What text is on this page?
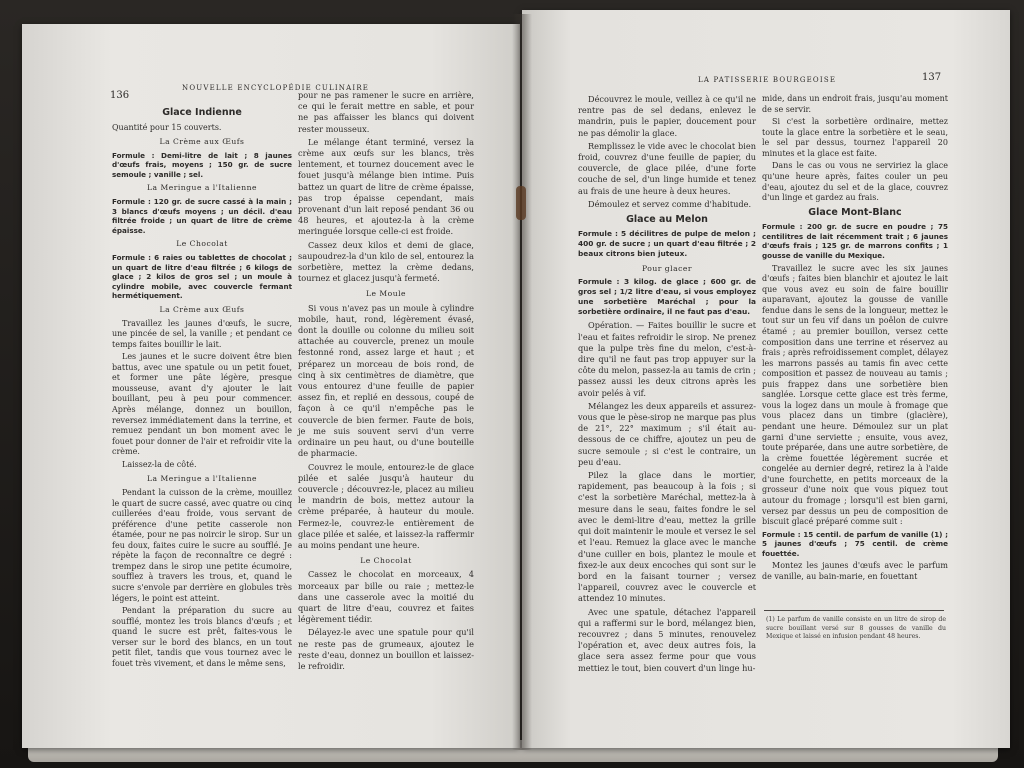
136
NOUVELLE ENCYCLOPÉDIE CULINAIRE
Glace Indienne

Quantité pour 15 couverts.

La Crème aux Œufs

Formule : Demi-litre de lait ; 8 jaunes d'œufs frais, moyens ; 150 gr. de sucre semoule ; vanille ; sel.

La Meringue a l'Italienne

Formule : 120 gr. de sucre cassé à la main ; 3 blancs d'œufs moyens ; un décil. d'eau filtrée froide ; un quart de litre de crème épaisse.

Le Chocolat

Formule : 6 raies ou tablettes de chocolat ; un quart de litre d'eau filtrée ; 6 kilogs de glace ; 2 kilos de gros sel ; un moule à cylindre mobile, avec couvercle fermant hermétiquement.

La Crème aux Œufs

Travaillez les jaunes d'œufs, le sucre, une pincée de sel, la vanille ; et pendant ce temps faites bouillir le lait.

Les jaunes et le sucre doivent être bien battus, avec une spatule ou un petit fouet, et former une pâte légère, presque mousseuse, avant d'y ajouter le lait bouillant, peu à peu pour commencer. Après mélange, donnez un bouillon, reversez immédiatement dans la terrine, et remuez pendant un bon moment avec le fouet pour donner de l'air et refroidir vite la crème.

Laissez-la de côté.

La Meringue a l'Italienne

Pendant la cuisson de la crème, mouillez le quart de sucre cassé, avec quatre ou cinq cuillerées d'eau froide, vous servant de préférence d'une petite casserole non étamée, pour ne pas noircir le sirop. Sur un feu doux, faites cuire le sucre au soufflé. Je répète la façon de reconnaître ce degré : trempez dans le sirop une petite écumoire, soufflez à travers les trous, et, quand le sucre s'envole par derrière en globules très légers, le point est atteint.

Pendant la préparation du sucre au soufflé, montez les trois blancs d'œufs ; et quand le sucre est prêt, faites-vous le verser sur le bord des blancs, en un tout petit filet, tandis que vous tournez avec le fouet très vivement, et dans le même sens,

pour ne pas ramener le sucre en arrière, ce qui le ferait mettre en sable, et pour ne pas affaisser les blancs qui doivent rester mousseux.

Le mélange étant terminé, versez la crème aux œufs sur les blancs, très lentement, et tournez doucement avec le fouet jusqu'à mélange bien intime. Puis battez un quart de litre de crème épaisse, pas trop épaisse cependant, mais provenant d'un lait reposé pendant 36 ou 48 heures, et ajoutez-la à la crème meringuée lorsque celle-ci est froide.

Cassez deux kilos et demi de glace, saupoudrez-la d'un kilo de sel, entourez la sorbetière, mettez la crème dedans, tournez et glacez jusqu'à fermeté.

Le Moule

Si vous n'avez pas un moule à cylindre mobile, haut, rond, légèrement évasé, dont la douille ou colonne du milieu soit attachée au couvercle, prenez un moule festonné rond, assez large et haut ; et préparez un morceau de bois rond, de cinq à six centimètres de diamètre, que vous entourez d'une feuille de papier assez fin, et replié en dessous, coupé de façon à ce qu'il n'empêche pas le couvercle de bien fermer. Faute de bois, je me suis souvent servi d'un verre ordinaire un peu haut, ou d'une bouteille de pharmacie.

Couvrez le moule, entourez-le de glace pilée et salée jusqu'à hauteur du couvercle ; découvrez-le, placez au milieu le mandrin de bois, mettez autour la crème préparée, à hauteur du moule. Fermez-le, couvrez-le entièrement de glace pilée et salée, et laissez-la raffermir au moins pendant une heure.

Le Chocolat

Cassez le chocolat en morceaux, 4 morceaux par bille ou raie ; mettez-le dans une casserole avec la moitié du quart de litre d'eau, couvrez et faites légèrement tiédir.

Délayez-le avec une spatule pour qu'il ne reste pas de grumeaux, ajoutez le reste d'eau, donnez un bouillon et laissez-le refroidir.

LA PATISSERIE BOURGEOISE	137

Découvrez le moule, veillez à ce qu'il ne rentre pas de sel dedans, enlevez le mandrin, puis le papier, doucement pour ne pas démolir la glace.

Remplissez le vide avec le chocolat bien froid, couvrez d'une feuille de papier, du couvercle, de glace pilée, d'une forte couche de sel, d'un linge humide et tenez au frais de une heure à deux heures.

Démoulez et servez comme d'habitude.

Glace au Melon

Formule : 5 décilitres de pulpe de melon ; 400 gr. de sucre ; un quart d'eau filtrée ; 2 beaux citrons bien juteux.

Pour glacer

Formule : 3 kilog. de glace ; 600 gr. de gros sel ; 1/2 litre d'eau, si vous employez une sorbetière Maréchal ; pour la sorbetière ordinaire, il ne faut pas d'eau.

Opération. — Faites bouillir le sucre et l'eau et faites refroidir le sirop. Ne prenez que la pulpe très fine du melon, c'est-à-dire qu'il ne faut pas trop appuyer sur la côte du melon, passez-la au tamis de crin ; passez aussi les deux citrons après les avoir pelés à vif.

Mélangez les deux appareils et assurez-vous que le pèse-sirop ne marque pas plus de 21°, 22° maximum ; s'il était au-dessous de ce chiffre, ajoutez un peu de sucre semoule ; si c'est le contraire, un peu d'eau.

Pilez la glace dans le mortier, rapidement, pas beaucoup à la fois ; si c'est la sorbetière Maréchal, mettez-la à mesure dans le seau, faites fondre le sel avec le demi-litre d'eau, mettez la grille qui doit maintenir le moule et versez le sel et l'eau. Remuez la glace avec le manche d'une cuiller en bois, plantez le moule et fixez-le aux deux encoches qui sont sur le bord en la faisant tourner ; versez l'appareil, couvrez avec le couvercle et attendez 10 minutes.

Avec une spatule, détachez l'appareil qui a raffermi sur le bord, mélangez bien, recouvrez ; dans 5 minutes, renouvelez l'opération et, avec deux autres fois, la glace sera assez ferme pour que vous mettiez le tout, bien couvert d'un linge hu-

mide, dans un endroit frais, jusqu'au moment de se servir.

Si c'est la sorbetière ordinaire, mettez toute la glace entre la sorbetière et le seau, le sel par dessus, tournez l'appareil 20 minutes et la glace est faite.

Dans le cas ou vous ne serviriez la glace qu'une heure après, faites couler un peu d'eau, ajoutez du sel et de la glace, couvrez d'un linge et gardez au frais.

Glace Mont-Blanc

Formule : 200 gr. de sucre en poudre ; 75 centilitres de lait récemment trait ; 6 jaunes d'œufs frais ; 125 gr. de marrons confits ; 1 gousse de vanille du Mexique.

Travaillez le sucre avec les six jaunes d'œufs ; faites bien blanchir et ajoutez le lait que vous avez eu soin de faire bouillir auparavant, ajoutez la gousse de vanille fendue dans le sens de la longueur, mettez le tout sur un feu vif dans un poêlon de cuivre étamé ; au premier bouillon, versez cette composition dans une terrine et réservez au frais ; après refroidissement complet, délayez les marrons passés au tamis fin avec cette composition et passez de nouveau au tamis ; puis frappez dans une sorbetière bien sanglée. Lorsque cette glace est très ferme, vous la logez dans un moule à fromage que vous placez dans un timbre (glacière), pendant une heure. Démoulez sur un plat garni d'une serviette ; ensuite, vous avez, toute préparée, dans une autre sorbetière, de la crème fouettée légèrement sucrée et congelée au dernier degré, retirez la à l'aide d'une fourchette, en petits morceaux de la grosseur d'une noix que vous piquez tout autour du fromage ; lorsqu'il est bien garni, versez par dessus un peu de composition de biscuit glacé préparé comme suit :

Formule : 15 centil. de parfum de vanille (1) ; 5 jaunes d'œufs ; 75 centil. de crème fouettée.

Montez les jaunes d'œufs avec le parfum de vanille, au bain-marie, en fouettant

(1) Le parfum de vanille consiste en un litre de sirop de sucre bouillant versé sur 8 gousses de vanille du Mexique et laissé en infusion pendant 48 heures.
